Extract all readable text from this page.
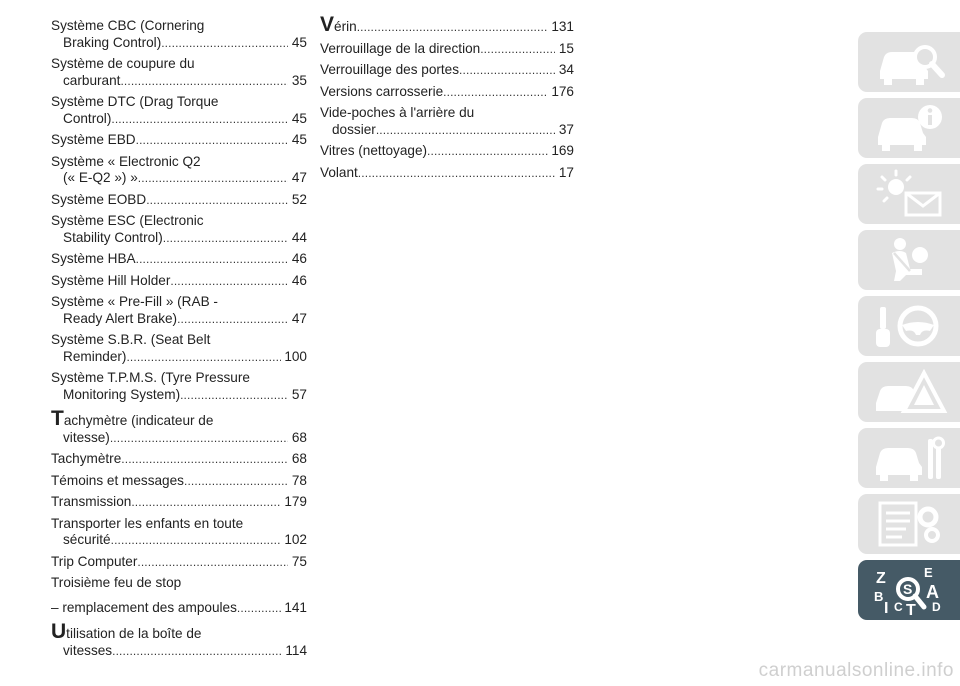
Système CBC (Cornering
Braking Control) . . .	45
Système de coupure du
carburant . . .	35
Système DTC (Drag Torque
Control) . . .	45
Système EBD . . .	45
Système « Electronic Q2
(« E-Q2 ») » . . .	47
Système EOBD . . .	52
Système ESC (Electronic
Stability Control) . . .	44
Système HBA . . .	46
Système Hill Holder . . .	46
Système « Pre-Fill » (RAB -
Ready Alert Brake) . . .	47
Système S.B.R. (Seat Belt
Reminder) . . .	100
Système T.P.M.S. (Tyre Pressure
Monitoring System) . . .	57
T achymètre (indicateur de
vitesse) . . .	68
Tachymètre . . .	68
Témoins et messages . . .	78
Transmission . . .	179
Transporter les enfants en toute
sécurité . . .	102
Trip Computer . . .	75
Troisième feu de stop
– remplacement des ampoules . . .	141
U tilisation de la boîte de
vitesses . . .	114
V érin . . .	131
Verrouillage de la direction . . .	15
Verrouillage des portes . . .	34
Versions carrosserie . . .	176
Vide-poches à l'arrière du
dossier . . .	37
Vitres (nettoyage) . . .	169
Volant . . .	17
Z	E
S A
B
I C T D
carmanualsonline.info
